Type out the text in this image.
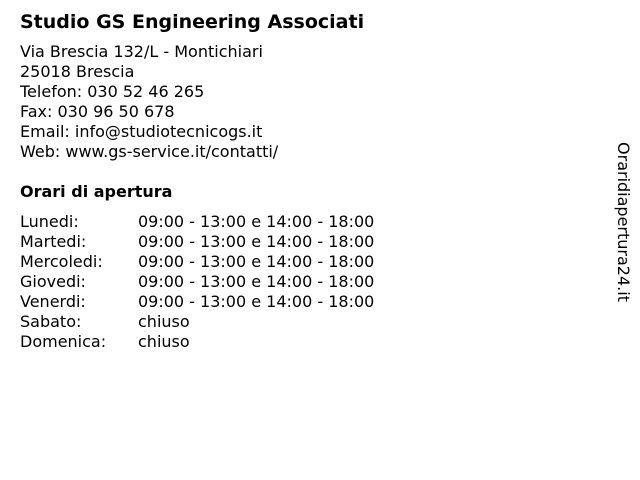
Studio GS Engineering Associati
Via Brescia 132/L - Montichiari
25018 Brescia
Telefon: 030 52 46 265
Fax: 030 96 50 678
Email: info@studiotecnicogs.it
Web: www.gs-service.it/contatti/
Orari di apertura
Lunedi:	09:00 - 13:00 e 14:00 - 18:00
Martedi:	09:00 - 13:00 e 14:00 - 18:00
Mercoledi:	09:00 - 13:00 e 14:00 - 18:00
Giovedi:	09:00 - 13:00 e 14:00 - 18:00
Venerdi:	09:00 - 13:00 e 14:00 - 18:00
Sabato:	chiuso
Domenica:	chiuso
Oraridiapertura24.it
